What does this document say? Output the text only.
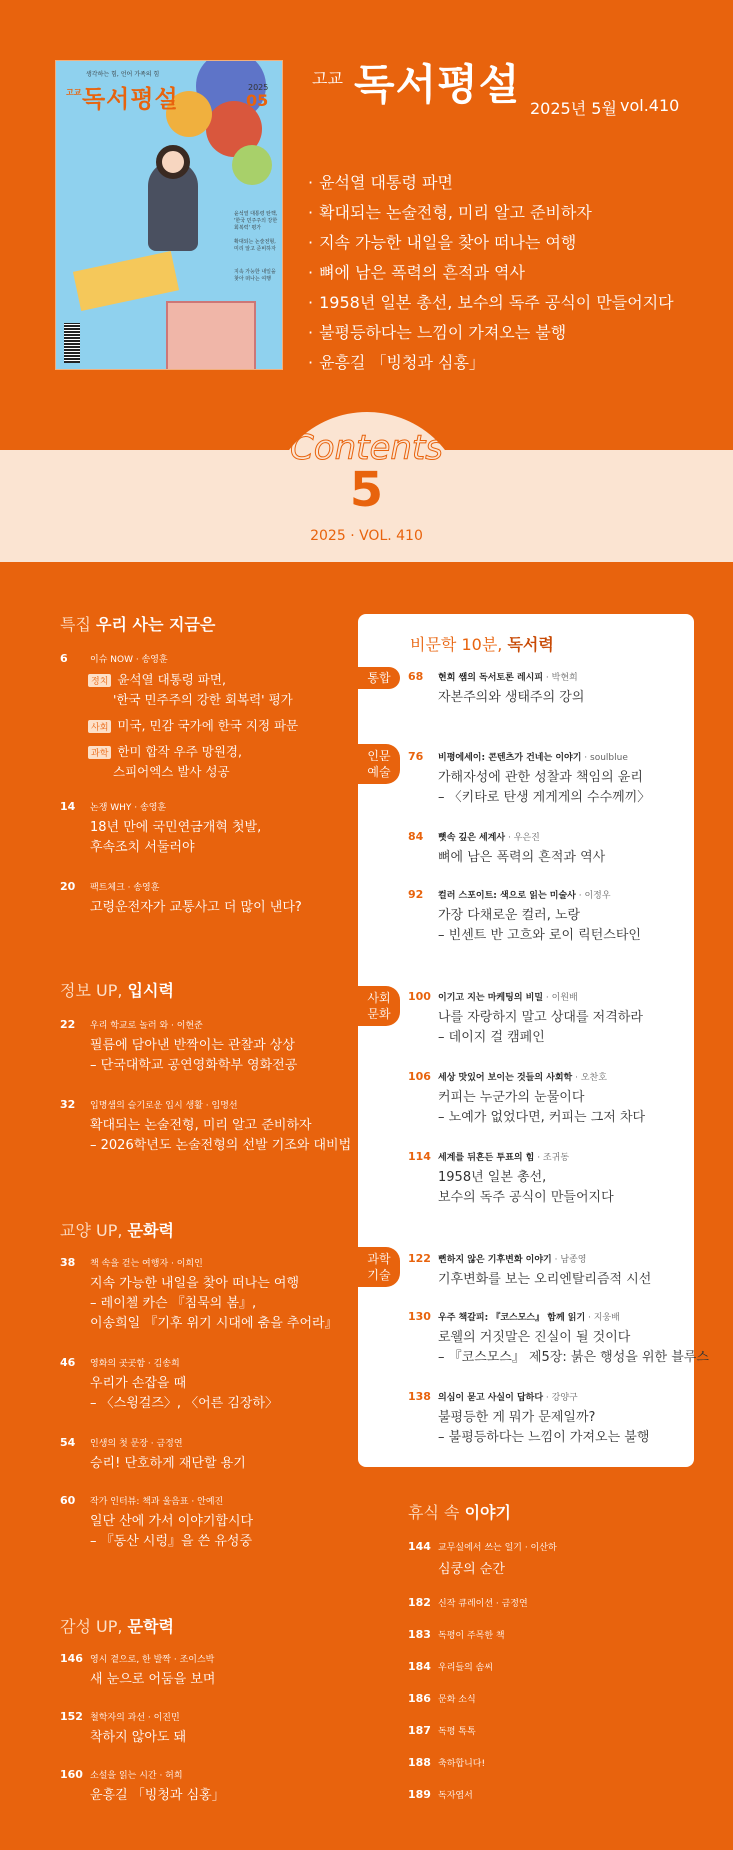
생각하는 힘, 언어 가족의 힘
고교 독서평설	2025
05
윤석열 대통령 탄핵, '한국 민주주의 강한 회복력' 평가
확대되는 논술전형, 미리 알고 준비하자
지속 가능한 내일을 찾아 떠나는 여행
고교 독서평설 2025년 5월 vol.410
· 윤석열 대통령 파면
· 확대되는 논술전형, 미리 알고 준비하자
· 지속 가능한 내일을 찾아 떠나는 여행
· 뼈에 남은 폭력의 흔적과 역사
· 1958년 일본 총선, 보수의 독주 공식이 만들어지다
· 불평등하다는 느낌이 가져오는 불행
· 윤흥길 「빙청과 심홍」
Contents
5
2025 · VOL. 410
특집 우리 사는 지금은
6 이슈 NOW · 송영훈
정치 윤석열 대통령 파면,
'한국 민주주의 강한 회복력' 평가
사회 미국, 민감 국가에 한국 지정 파문
과학 한미 합작 우주 망원경,
스피어엑스 발사 성공
14 논쟁 WHY · 송영훈
18년 만에 국민연금개혁 첫발,
후속조치 서둘러야
20 팩트체크 · 송영훈
고령운전자가 교통사고 더 많이 낸다?
정보 UP, 입시력
22 우리 학교로 놀러 와 · 이현준
필름에 담아낸 반짝이는 관찰과 상상
– 단국대학교 공연영화학부 영화전공
32 입명샘의 슬기로운 입시 생활 · 임명선
확대되는 논술전형, 미리 알고 준비하자
– 2026학년도 논술전형의 선발 기조와 대비법
교양 UP, 문화력
38 책 속을 걷는 여행자 · 이희인
지속 가능한 내일을 찾아 떠나는 여행
– 레이첼 카슨 『침묵의 봄』,
이송희일 『기후 위기 시대에 춤을 추어라』
46 영화의 곳곳함 · 김송희
우리가 손잡을 때
– 〈스윙걸즈〉, 〈어른 김장하〉
54 인생의 첫 문장 · 금정연
승리! 단호하게 재단할 용기
60 작가 인터뷰: 책과 울음표 · 안예진
일단 산에 가서 이야기합시다
– 『동산 시렁』을 쓴 유성중
감성 UP, 문학력
146 영시 곁으로, 한 발짝 · 조이스박
새 눈으로 어둠을 보며
152 철학자의 과선 · 이진민
착하지 않아도 돼
160 소설을 읽는 시간 · 허희
윤흥길 「빙청과 심홍」
비문학 10분, 독서력
통합
인문
예술
사회
문화
과학
기술
68 현희 쌤의 독서토론 레시피 · 박현희
자본주의와 생태주의 강의
76 비평에세이: 콘텐츠가 건네는 이야기 · soulblue
가해자성에 관한 성찰과 책임의 윤리
– 〈키타로 탄생 게게게의 수수께끼〉
84 뼛속 깊은 세계사 · 우은진
뼈에 남은 폭력의 흔적과 역사
92 컬러 스포이트: 색으로 읽는 미술사 · 이정우
가장 다채로운 컬러, 노랑
– 빈센트 반 고흐와 로이 릭턴스타인
100 이기고 지는 마케팅의 비밀 · 이원배
나를 자랑하지 말고 상대를 저격하라
– 데이지 걸 캠페인
106 세상 맛있어 보이는 것들의 사회학 · 오찬호
커피는 누군가의 눈물이다
– 노예가 없었다면, 커피는 그저 차다
114 세계를 뒤흔든 투표의 힘 · 조귀동
1958년 일본 총선,
보수의 독주 공식이 만들어지다
122 뻔하지 않은 기후변화 이야기 · 남종영
기후변화를 보는 오리엔탈리즘적 시선
130 우주 책갈피: 『코스모스』 함께 읽기 · 지웅배
로웰의 거짓말은 진실이 될 것이다
– 『코스모스』 제5장: 붉은 행성을 위한 블루스
138 의심이 묻고 사실이 답하다 · 강양구
불평등한 게 뭐가 문제일까?
– 불평등하다는 느낌이 가져오는 불행
휴식 속 이야기
144 교무실에서 쓰는 일기 · 이산하
심쿵의 순간
182 신작 큐레이션 · 금정연
183 독평이 주목한 책
184 우리들의 솜씨
186 문화 소식
187 독평 톡톡
188 축하합니다!
189 독자엽서
